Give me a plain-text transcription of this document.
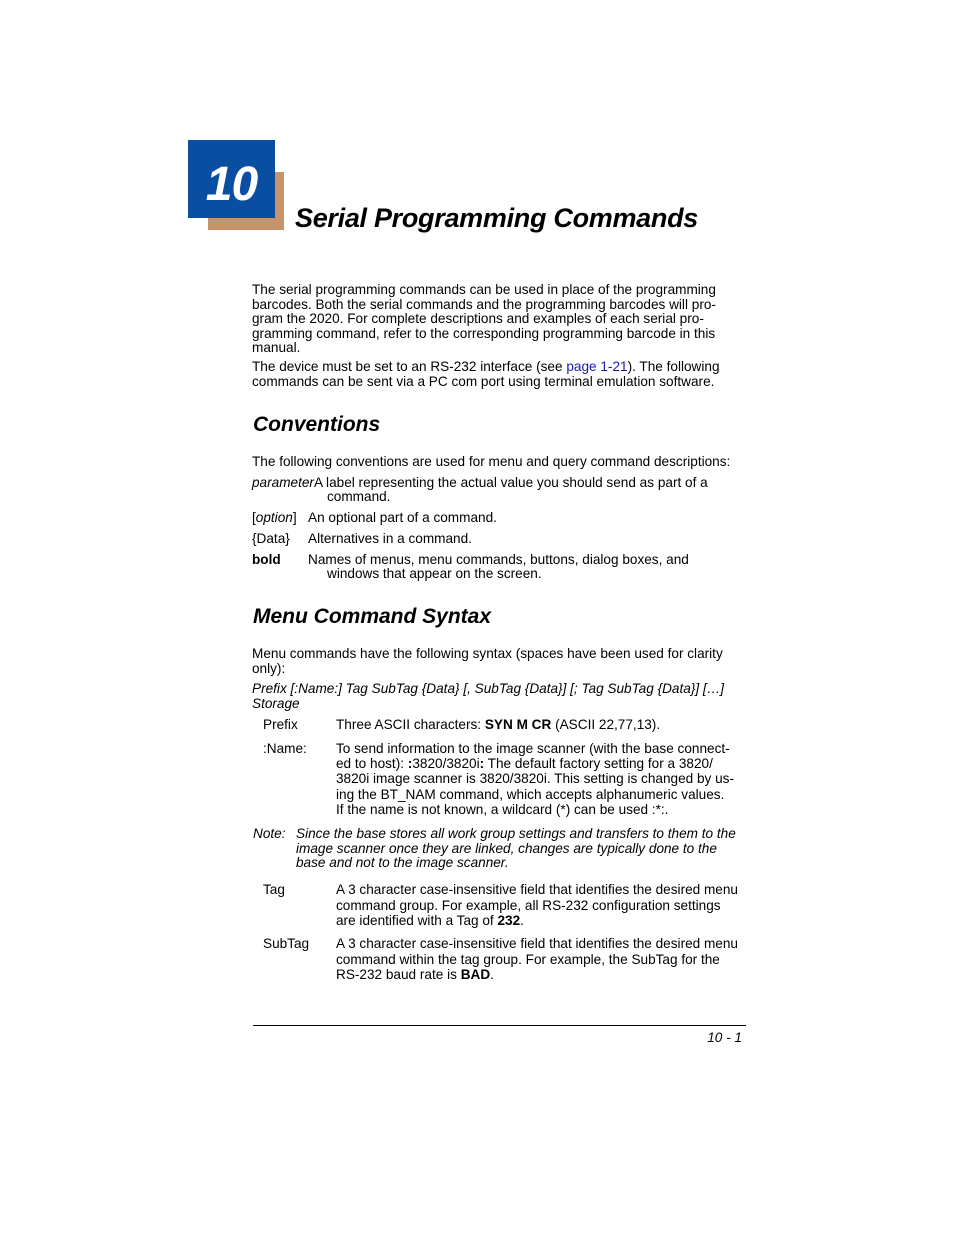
10
Serial Programming Commands
The serial programming commands can be used in place of the programming
barcodes. Both the serial commands and the programming barcodes will pro-
gram the 2020. For complete descriptions and examples of each serial pro-
gramming command, refer to the corresponding programming barcode in this
manual.
The device must be set to an RS-232 interface (see page 1-21). The following
commands can be sent via a PC com port using terminal emulation software.
Conventions
The following conventions are used for menu and query command descriptions:
parameterA label representing the actual value you should send as part of a
command.
[option] An optional part of a command.
{Data} Alternatives in a command.
bold Names of menus, menu commands, buttons, dialog boxes, and
windows that appear on the screen.
Menu Command Syntax
Menu commands have the following syntax (spaces have been used for clarity
only):
Prefix [:Name:] Tag SubTag {Data} [, SubTag {Data}] [; Tag SubTag {Data}] […]
Storage
Prefix	Three ASCII characters: SYN M CR (ASCII 22,77,13).
:Name: To send information to the image scanner (with the base connect-
ed to host): :3820/3820i: The default factory setting for a 3820/
3820i image scanner is 3820/3820i. This setting is changed by us-
ing the BT_NAM command, which accepts alphanumeric values.
If the name is not known, a wildcard (*) can be used :*:.
Note: Since the base stores all work group settings and transfers to them to the
image scanner once they are linked, changes are typically done to the
base and not to the image scanner.
Tag	A 3 character case-insensitive field that identifies the desired menu
command group. For example, all RS-232 configuration settings
are identified with a Tag of 232.
SubTag A 3 character case-insensitive field that identifies the desired menu
command within the tag group. For example, the SubTag for the
RS-232 baud rate is BAD.
10 - 1
